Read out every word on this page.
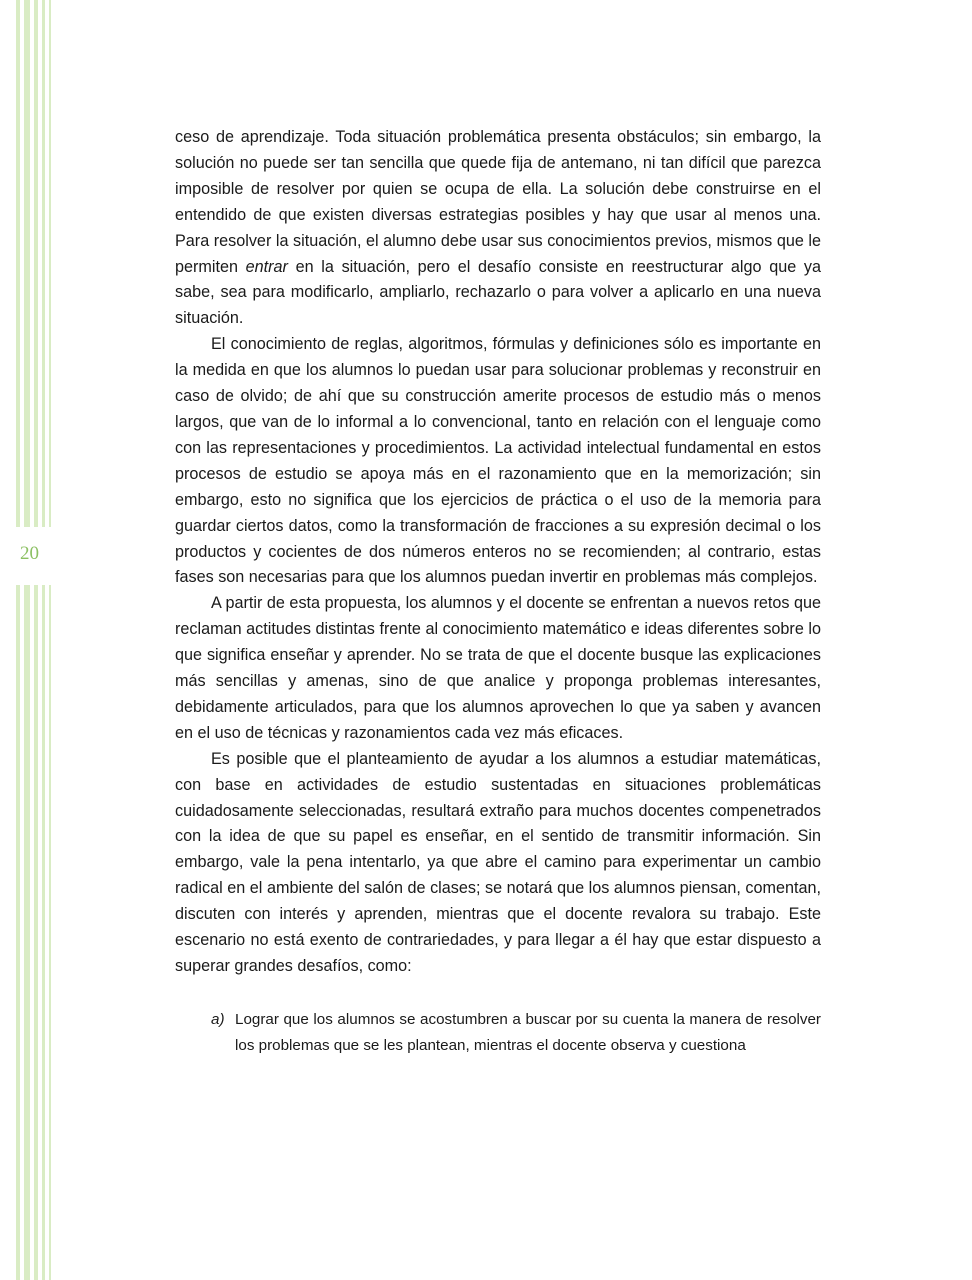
20

ceso de aprendizaje. Toda situación problemática presenta obstáculos; sin embargo, la solución no puede ser tan sencilla que quede fija de antemano, ni tan difícil que parezca imposible de resolver por quien se ocupa de ella. La solución debe construirse en el entendido de que existen diversas estrategias posibles y hay que usar al menos una. Para resolver la situación, el alumno debe usar sus conocimientos previos, mismos que le permiten entrar en la situación, pero el desafío consiste en reestructurar algo que ya sabe, sea para modificarlo, ampliarlo, rechazarlo o para volver a aplicarlo en una nueva situación.

El conocimiento de reglas, algoritmos, fórmulas y definiciones sólo es importante en la medida en que los alumnos lo puedan usar para solucionar problemas y reconstruir en caso de olvido; de ahí que su construcción amerite procesos de estudio más o menos largos, que van de lo informal a lo convencional, tanto en relación con el lenguaje como con las representaciones y procedimientos. La actividad intelectual fundamental en estos procesos de estudio se apoya más en el razonamiento que en la memorización; sin embargo, esto no significa que los ejercicios de práctica o el uso de la memoria para guardar ciertos datos, como la transformación de fracciones a su expresión decimal o los productos y cocientes de dos números enteros no se recomienden; al contrario, estas fases son necesarias para que los alumnos puedan invertir en problemas más complejos.

A partir de esta propuesta, los alumnos y el docente se enfrentan a nuevos retos que reclaman actitudes distintas frente al conocimiento matemático e ideas diferentes sobre lo que significa enseñar y aprender. No se trata de que el docente busque las explicaciones más sencillas y amenas, sino de que analice y proponga problemas interesantes, debidamente articulados, para que los alumnos aprovechen lo que ya saben y avancen en el uso de técnicas y razonamientos cada vez más eficaces.

Es posible que el planteamiento de ayudar a los alumnos a estudiar matemáticas, con base en actividades de estudio sustentadas en situaciones problemáticas cuidadosamente seleccionadas, resultará extraño para muchos docentes compenetrados con la idea de que su papel es enseñar, en el sentido de transmitir información. Sin embargo, vale la pena intentarlo, ya que abre el camino para experimentar un cambio radical en el ambiente del salón de clases; se notará que los alumnos piensan, comentan, discuten con interés y aprenden, mientras que el docente revalora su trabajo. Este escenario no está exento de contrariedades, y para llegar a él hay que estar dispuesto a superar grandes desafíos, como:

a) Lograr que los alumnos se acostumbren a buscar por su cuenta la manera de resolver los problemas que se les plantean, mientras el docente observa y cuestiona
